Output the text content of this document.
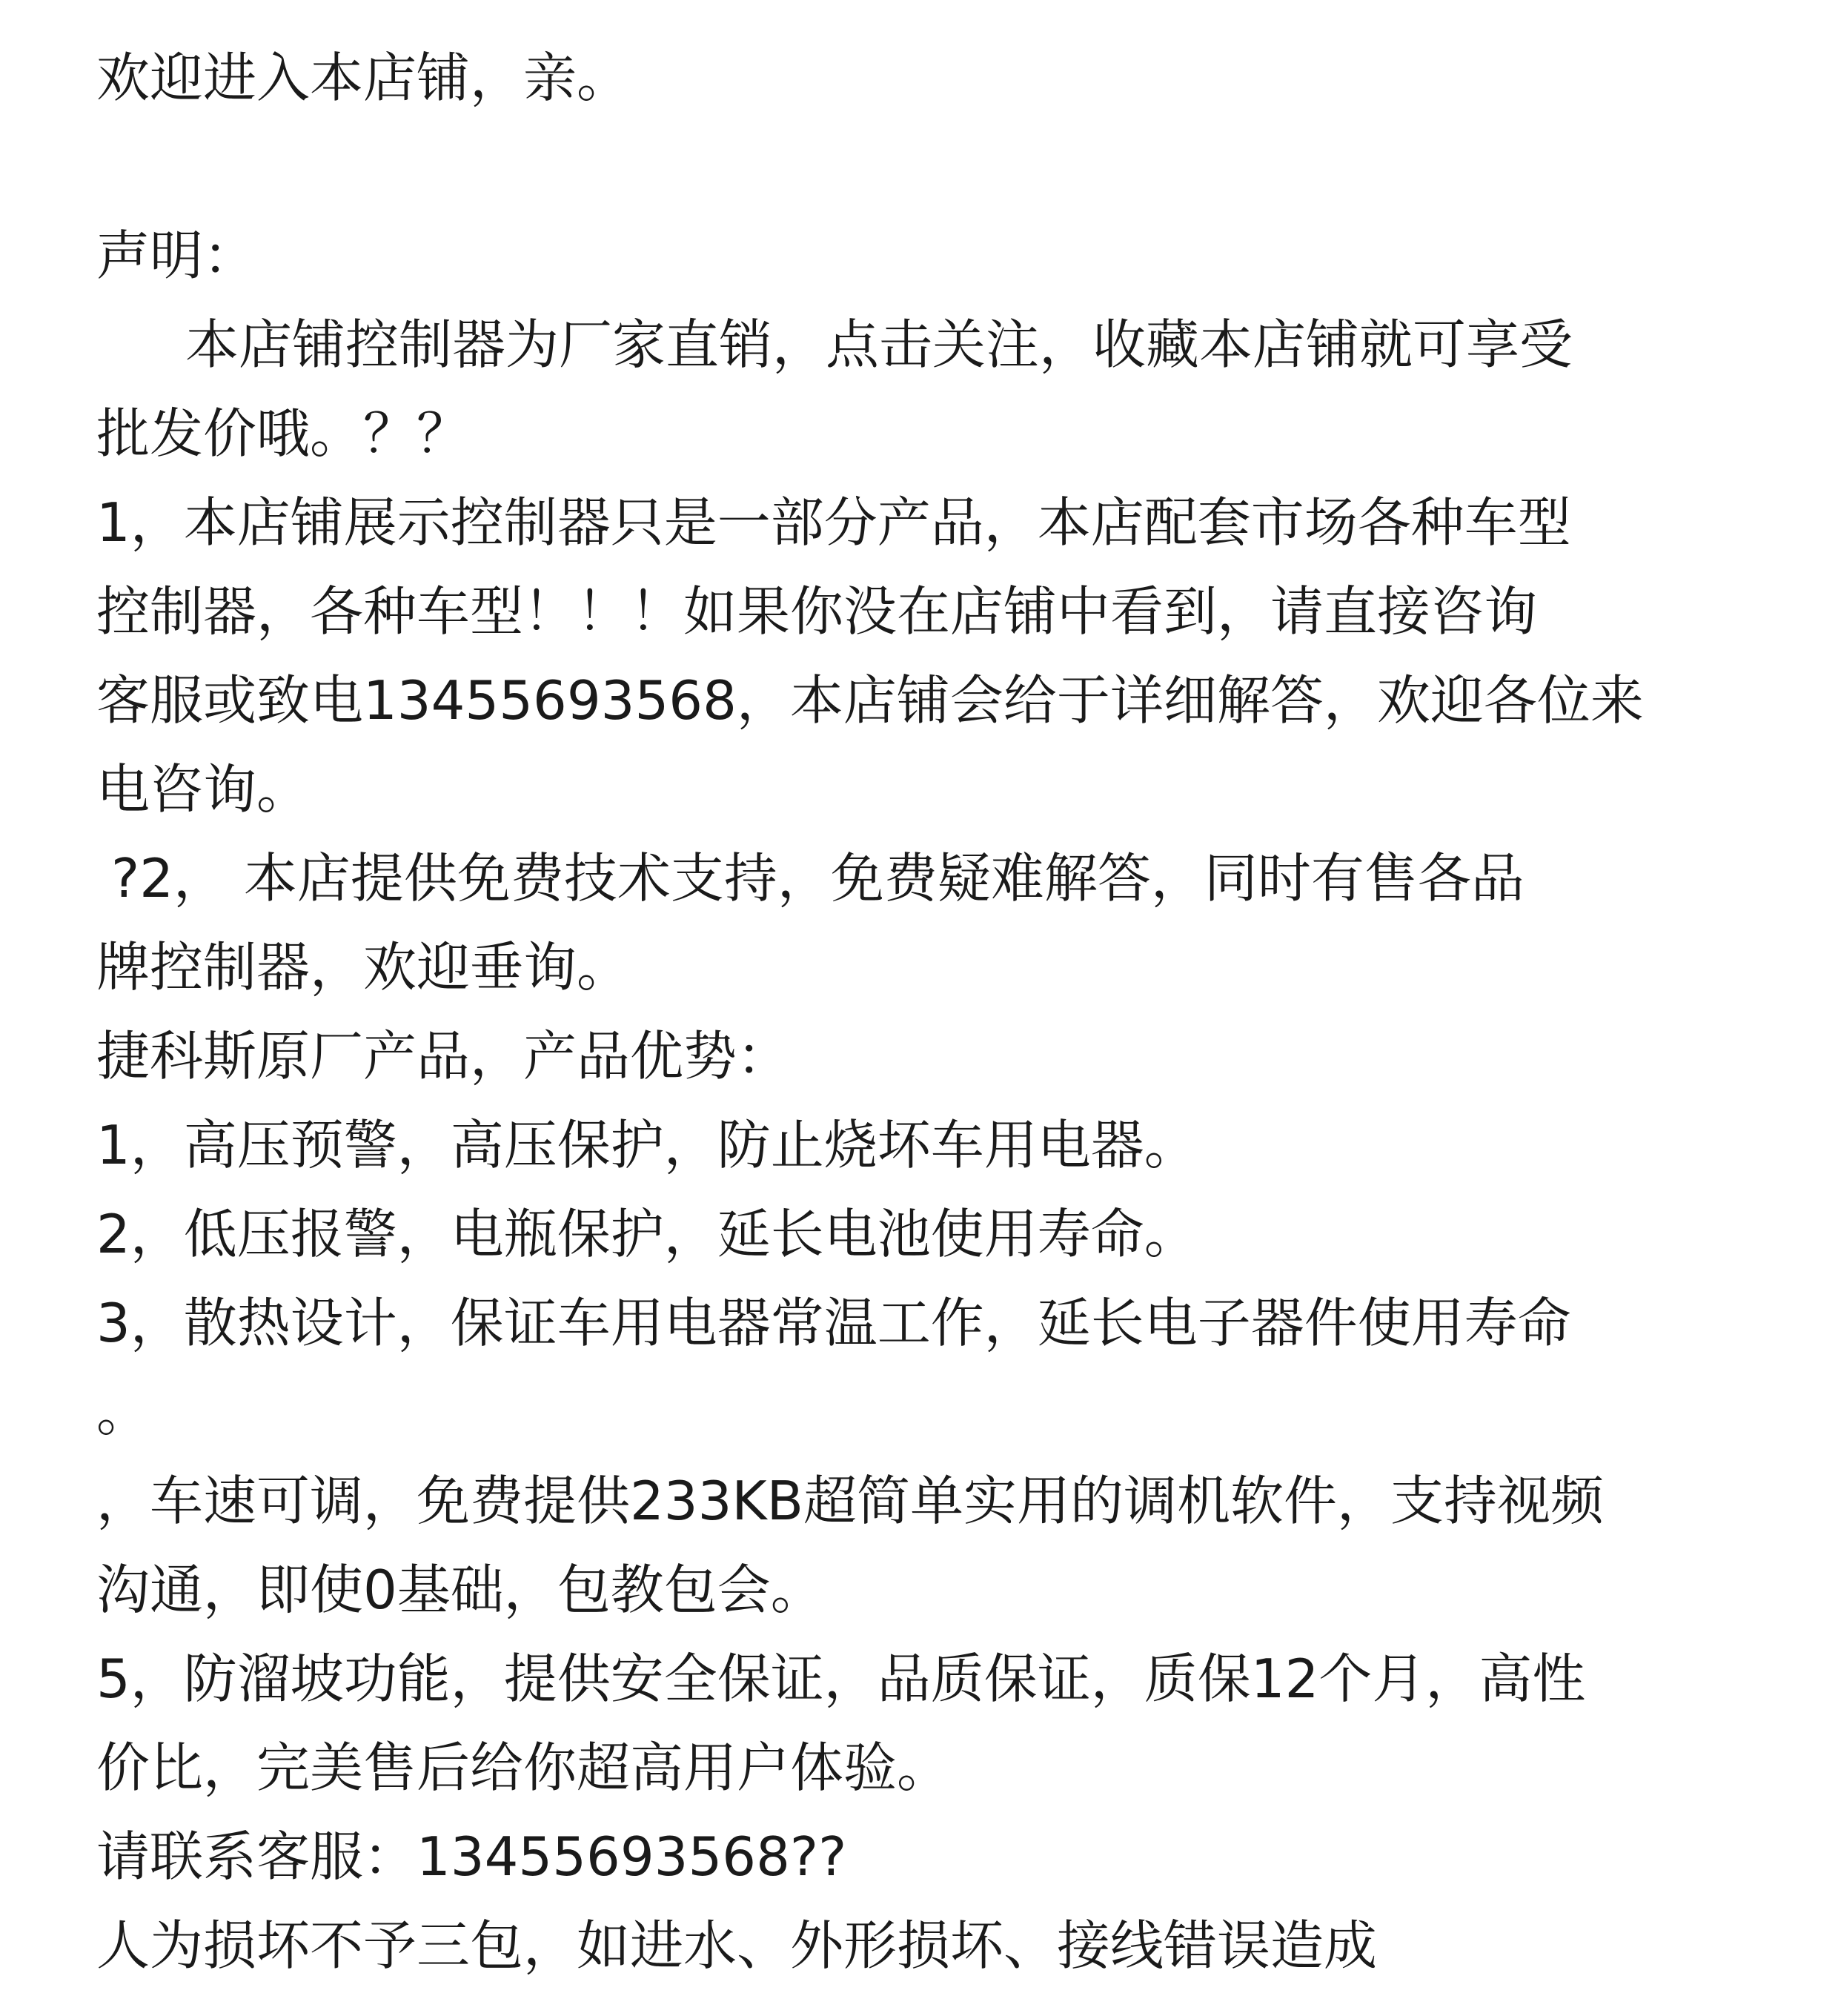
欢迎进入本店铺，亲。

声明：

本店铺控制器为厂家直销，点击关注，收藏本店铺就可享受

批发价哦。？？

1，本店铺展示控制器只是一部分产品，本店配套市场各种车型

控制器，各种车型！！！如果你没在店铺中看到，请直接咨询

客服或致电13455693568，本店铺会给于详细解答，欢迎各位来

电咨询。

?2， 本店提供免费技术支持，免费疑难解答，同时有售各品

牌控制器，欢迎垂询。

捷科斯原厂产品，产品优势：

1，高压预警，高压保护，防止烧坏车用电器。

2，低压报警，电瓶保护，延长电池使用寿命。

3，散热设计，保证车用电器常温工作，延长电子器件使用寿命

。

，车速可调，免费提供233KB超简单实用的调机软件，支持视频

沟通，即使0基础，包教包会。

5，防溜坡功能，提供安全保证，品质保证，质保12个月，高性

价比，完美售后给你超高用户体验。

请联系客服：13455693568??

人为损坏不予三包，如进水、外形损坏、接线错误造成
